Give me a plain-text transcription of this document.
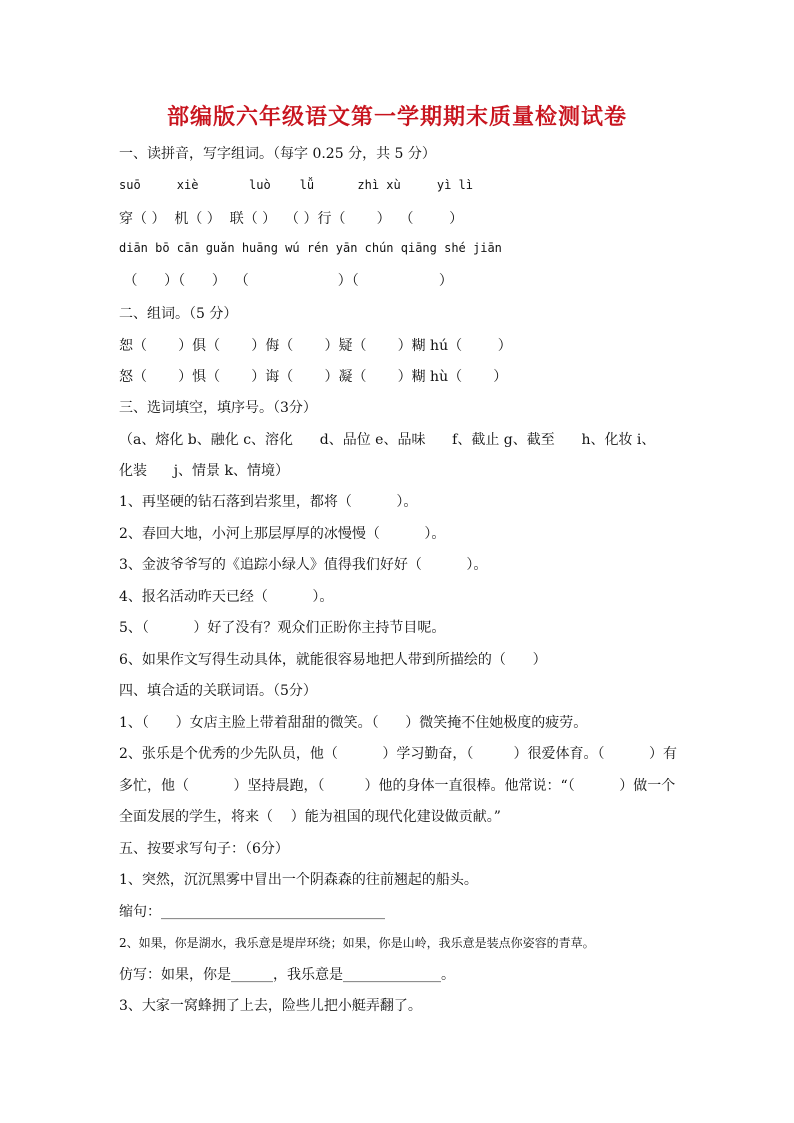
部编版六年级语文第一学期期末质量检测试卷
一、读拼音，写字组词。（每字 0.25 分，共 5 分）
suō     xiè       luò    lǚ      zhì xù     yì lì
穿（ ）  机（ ）  联（ ）  （ ）行（       ）  （        ）
diān bō cān guǎn huāng wú rén yān chún qiāng shé jiān
（      ）（      ）  （                    ）（                  ）
二、组词。（5 分）
恕（       ）俱（       ）侮（       ）疑（       ）糊 hú（        ）
怒（       ）惧（       ）诲（       ）凝（       ）糊 hù（       ）
三、选词填空，填序号。（3分）
（a、熔化 b、融化 c、溶化      d、品位 e、品味      f、截止 g、截至      h、化妆 i、
化装      j、情景 k、情境）
1、再坚硬的钻石落到岩浆里，都将（          ）。
2、春回大地，小河上那层厚厚的冰慢慢（          ）。
3、金波爷爷写的《追踪小绿人》值得我们好好（          ）。
4、报名活动昨天已经（          ）。
5、（          ）好了没有？观众们正盼你主持节目呢。
6、如果作文写得生动具体，就能很容易地把人带到所描绘的（      ）
四、填合适的关联词语。（5分）
1、（      ）女店主脸上带着甜甜的微笑。（      ）微笑掩不住她极度的疲劳。
2、张乐是个优秀的少先队员，他（          ）学习勤奋，（         ）很爱体育。（          ）有
多忙，他（          ）坚持晨跑，（         ）他的身体一直很棒。他常说：“（          ）做一个
全面发展的学生，将来（    ）能为祖国的现代化建设做贡献。”
五、按要求写句子：（6分）
1、突然，沉沉黑雾中冒出一个阴森森的往前翘起的船头。
缩句：________________________________
2、如果，你是湖水，我乐意是堤岸环绕；如果，你是山岭，我乐意是装点你姿容的青草。
仿写：如果，你是______，我乐意是______________。
3、大家一窝蜂拥了上去，险些儿把小艇弄翻了。
